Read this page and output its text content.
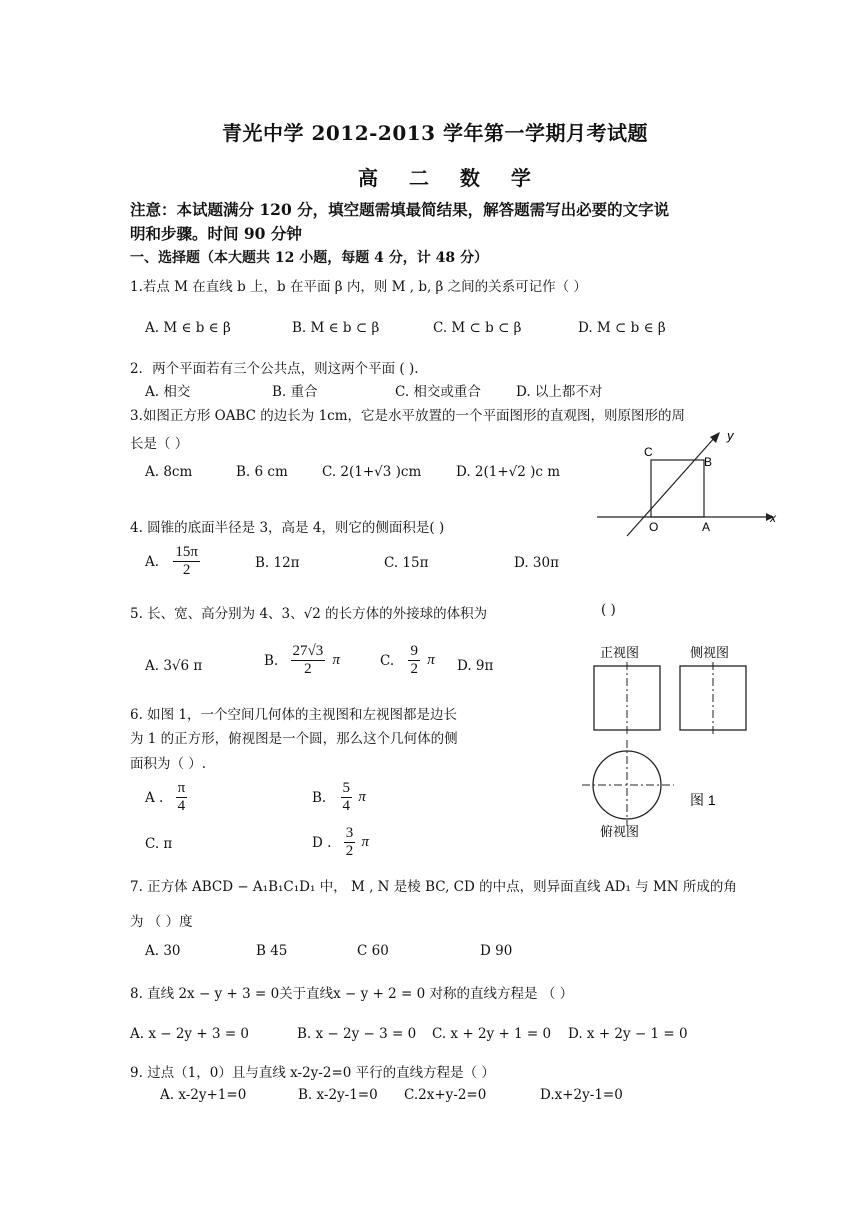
青光中学 2012-2013 学年第一学期月考试题
高 二 数 学
注意：本试题满分 120 分，填空题需填最简结果，解答题需写出必要的文字说
明和步骤。时间 90 分钟
一、选择题（本大题共 12 小题，每题 4 分，计 48 分）
1.若点 M 在直线 b 上，b 在平面 β 内，则 M , b, β 之间的关系可记作（ ）
A. M ∈ b ∈ β	B. M ∈ b ⊂ β	C. M ⊂ b ⊂ β	D. M ⊂ b ∈ β
2．两个平面若有三个公共点，则这两个平面 ( ).
A. 相交	B. 重合	C. 相交或重合	D. 以上都不对
3.如图正方形 OABC 的边长为 1cm，它是水平放置的一个平面图形的直观图，则原图形的周
长是（ ）
A. 8cm	B. 6 cm	C. 2(1+√3 )cm	D. 2(1+√2 )c m
C
B
y
O	A
x
4. 圆锥的底面半径是 3，高是 4，则它的侧面积是( )
A. $\frac{15\pi}{2}$	B. 12π	C. 15π	D. 30π
5. 长、宽、高分别为 4、3、√2 的长方体的外接球的体积为	( )
A. 3√6 π	B. $\frac{27√3}{2}$ π	C. $\frac{9}{2}$ π D. 9π
6. 如图 1，一个空间几何体的主视图和左视图都是边长
为 1 的正方形，俯视图是一个圆，那么这个几何体的侧
面积为（ ）.
A . $\frac{\pi}{4}$	B. $\frac{5}{4}$ π
C. π	D . $\frac{3}{2}$ π
正视图	侧视图
图 1
俯视图
7. 正方体 ABCD − A₁B₁C₁D₁ 中， M , N 是棱 BC, CD 的中点，则异面直线 AD₁ 与 MN 所成的角
为 （ ）度
A. 30	B 45	C 60	D 90
8. 直线 2x − y + 3 = 0关于直线x − y + 2 = 0 对称的直线方程是 （ ）
A. x − 2y + 3 = 0	B. x − 2y − 3 = 0 C. x + 2y + 1 = 0 D. x + 2y − 1 = 0
9. 过点（1，0）且与直线 x-2y-2=0 平行的直线方程是（ ）
A. x-2y+1=0	B. x-2y-1=0 C.2x+y-2=0	D.x+2y-1=0
